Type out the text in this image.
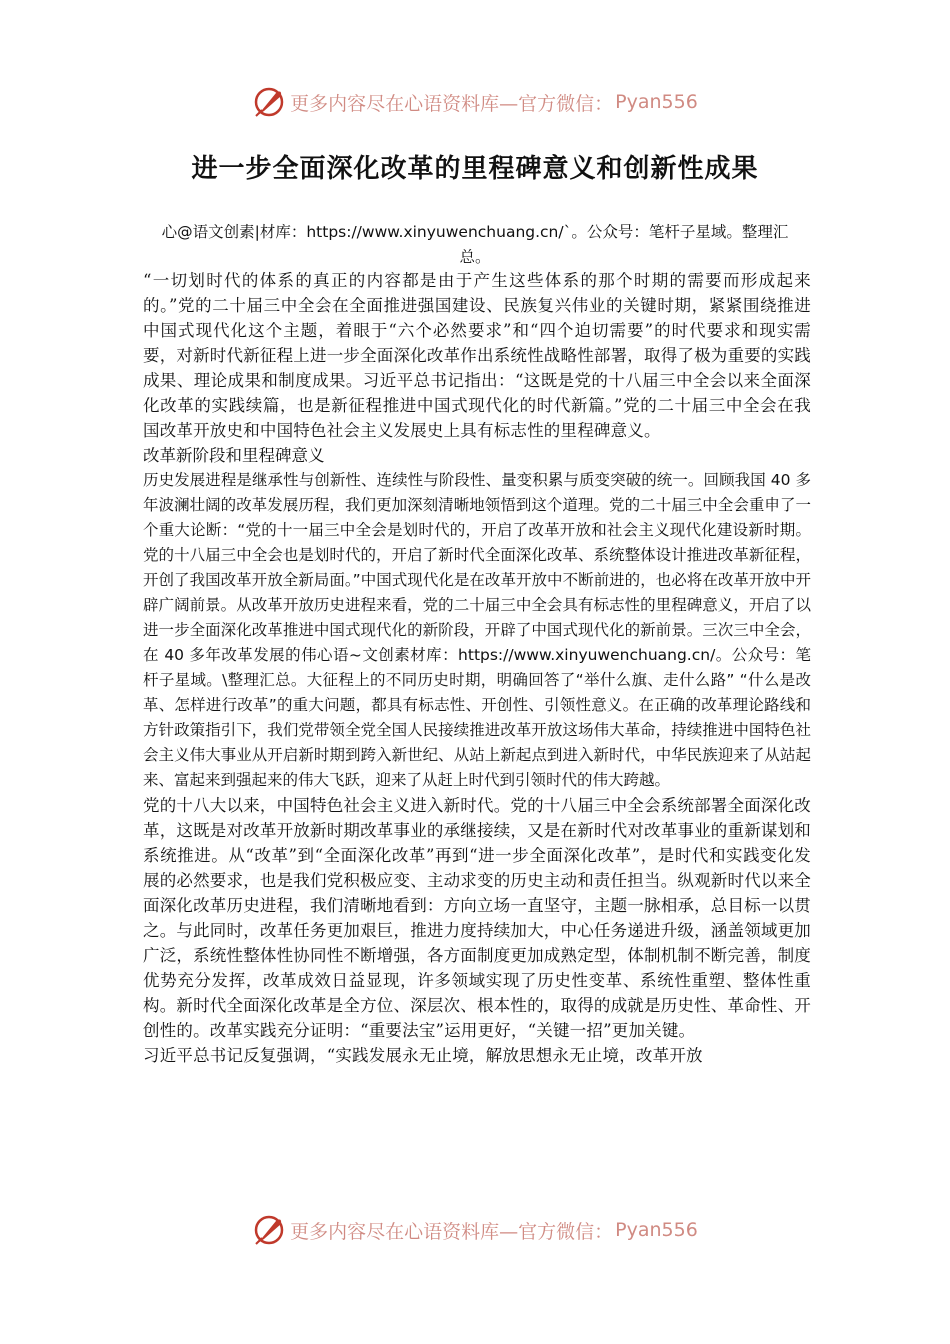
更多内容尽在心语资料库—官方微信： Pyan556
进一步全面深化改革的里程碑意义和创新性成果
心@语文创素|材库：https://www.xinyuwenchuang.cn/`。公众号：笔杆子星域。整理汇总。

“一切划时代的体系的真正的内容都是由于产生这些体系的那个时期的需要而形成起来的。”党的二十届三中全会在全面推进强国建设、民族复兴伟业的关键时期，紧紧围绕推进中国式现代化这个主题，着眼于“六个必然要求”和“四个迫切需要”的时代要求和现实需要，对新时代新征程上进一步全面深化改革作出系统性战略性部署，取得了极为重要的实践成果、理论成果和制度成果。习近平总书记指出：“这既是党的十八届三中全会以来全面深化改革的实践续篇，也是新征程推进中国式现代化的时代新篇。”党的二十届三中全会在我国改革开放史和中国特色社会主义发展史上具有标志性的里程碑意义。

改革新阶段和里程碑意义

历史发展进程是继承性与创新性、连续性与阶段性、量变积累与质变突破的统一。回顾我国 40 多年波澜壮阔的改革发展历程，我们更加深刻清晰地领悟到这个道理。党的二十届三中全会重申了一个重大论断：“党的十一届三中全会是划时代的，开启了改革开放和社会主义现代化建设新时期。党的十八届三中全会也是划时代的，开启了新时代全面深化改革、系统整体设计推进改革新征程，开创了我国改革开放全新局面。”中国式现代化是在改革开放中不断前进的，也必将在改革开放中开辟广阔前景。从改革开放历史进程来看，党的二十届三中全会具有标志性的里程碑意义，开启了以进一步全面深化改革推进中国式现代化的新阶段，开辟了中国式现代化的新前景。三次三中全会，在 40 多年改革发展的伟心语~文创素材库：https://www.xinyuwenchuang.cn/。公众号：笔杆子星域。\整理汇总。大征程上的不同历史时期，明确回答了“举什么旗、走什么路” “什么是改革、怎样进行改革”的重大问题，都具有标志性、开创性、引领性意义。在正确的改革理论路线和方针政策指引下，我们党带领全党全国人民接续推进改革开放这场伟大革命，持续推进中国特色社会主义伟大事业从开启新时期到跨入新世纪、从站上新起点到进入新时代，中华民族迎来了从站起来、富起来到强起来的伟大飞跃，迎来了从赶上时代到引领时代的伟大跨越。

党的十八大以来，中国特色社会主义进入新时代。党的十八届三中全会系统部署全面深化改革，这既是对改革开放新时期改革事业的承继接续，又是在新时代对改革事业的重新谋划和系统推进。从“改革”到“全面深化改革”再到“进一步全面深化改革”，是时代和实践变化发展的必然要求，也是我们党积极应变、主动求变的历史主动和责任担当。纵观新时代以来全面深化改革历史进程，我们清晰地看到：方向立场一直坚守，主题一脉相承，总目标一以贯之。与此同时，改革任务更加艰巨，推进力度持续加大，中心任务递进升级，涵盖领域更加广泛，系统性整体性协同性不断增强，各方面制度更加成熟定型，体制机制不断完善，制度优势充分发挥，改革成效日益显现，许多领域实现了历史性变革、系统性重塑、整体性重构。新时代全面深化改革是全方位、深层次、根本性的，取得的成就是历史性、革命性、开创性的。改革实践充分证明：“重要法宝”运用更好，“关键一招”更加关键。

习近平总书记反复强调，“实践发展永无止境，解放思想永无止境，改革开放

更多内容尽在心语资料库—官方微信： Pyan556
